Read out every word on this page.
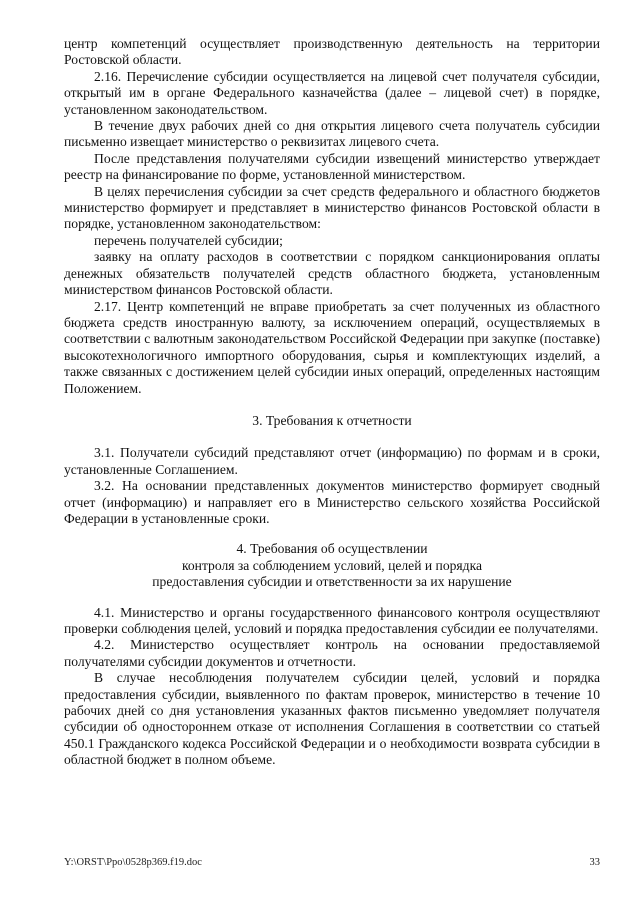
центр компетенций осуществляет производственную деятельность на территории Ростовской области.

2.16. Перечисление субсидии осуществляется на лицевой счет получателя субсидии, открытый им в органе Федерального казначейства (далее – лицевой счет) в порядке, установленном законодательством.

В течение двух рабочих дней со дня открытия лицевого счета получатель субсидии письменно извещает министерство о реквизитах лицевого счета.

После представления получателями субсидии извещений министерство утверждает реестр на финансирование по форме, установленной министерством.

В целях перечисления субсидии за счет средств федерального и областного бюджетов министерство формирует и представляет в министерство финансов Ростовской области в порядке, установленном законодательством:

перечень получателей субсидии;

заявку на оплату расходов в соответствии с порядком санкционирования оплаты денежных обязательств получателей средств областного бюджета, установленным министерством финансов Ростовской области.

2.17. Центр компетенций не вправе приобретать за счет полученных из областного бюджета средств иностранную валюту, за исключением операций, осуществляемых в соответствии с валютным законодательством Российской Федерации при закупке (поставке) высокотехнологичного импортного оборудования, сырья и комплектующих изделий, а также связанных с достижением целей субсидии иных операций, определенных настоящим Положением.

3. Требования к отчетности

3.1. Получатели субсидий представляют отчет (информацию) по формам и в сроки, установленные Соглашением.

3.2. На основании представленных документов министерство формирует сводный отчет (информацию) и направляет его в Министерство сельского хозяйства Российской Федерации в установленные сроки.

4. Требования об осуществлении
контроля за соблюдением условий, целей и порядка
предоставления субсидии и ответственности за их нарушение

4.1. Министерство и органы государственного финансового контроля осуществляют проверки соблюдения целей, условий и порядка предоставления субсидии ее получателями.

4.2. Министерство осуществляет контроль на основании предоставляемой получателями субсидии документов и отчетности.

В случае несоблюдения получателем субсидии целей, условий и порядка предоставления субсидии, выявленного по фактам проверок, министерство в течение 10 рабочих дней со дня установления указанных фактов письменно уведомляет получателя субсидии об одностороннем отказе от исполнения Соглашения в соответствии со статьей 450.1 Гражданского кодекса Российской Федерации и о необходимости возврата субсидии в областной бюджет в полном объеме.

Y:\ORST\Ppo\0528p369.f19.doc	33
